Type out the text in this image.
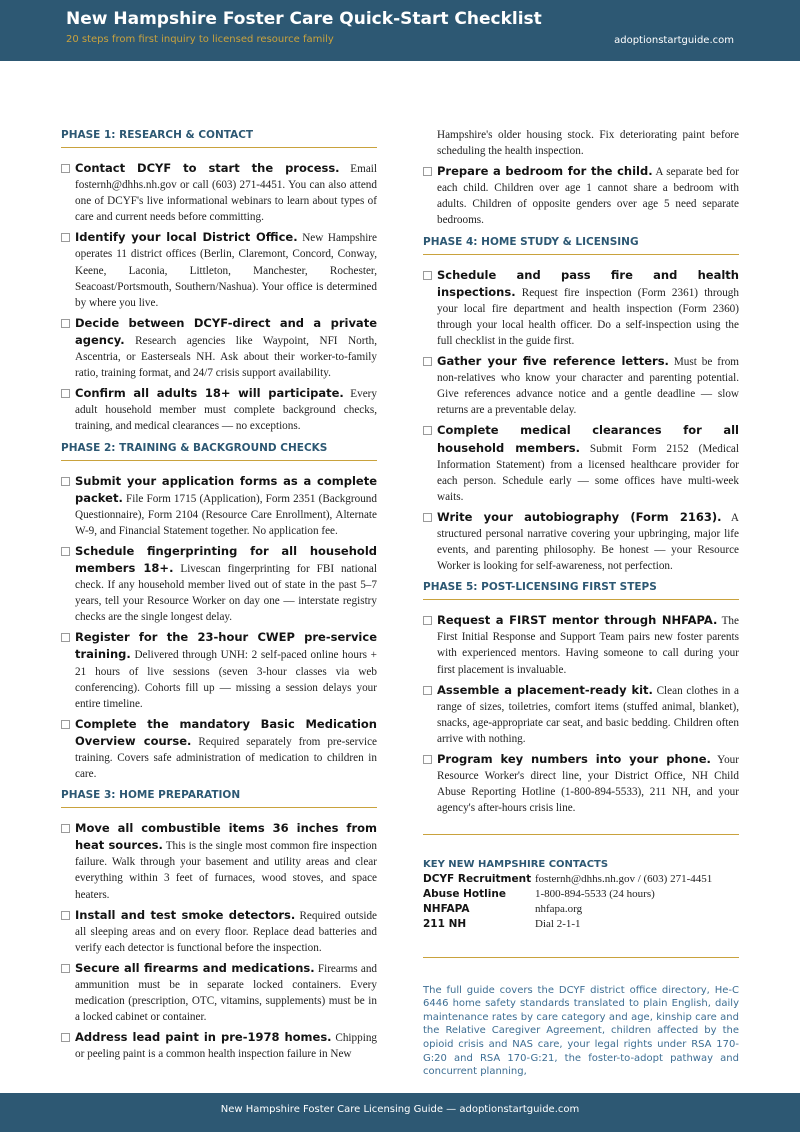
New Hampshire Foster Care Quick-Start Checklist
20 steps from first inquiry to licensed resource family	adoptionstartguide.com
PHASE 1: RESEARCH & CONTACT
Contact DCYF to start the process. Email fosternh@dhhs.nh.gov or call (603) 271-4451. You can also attend one of DCYF's live informational webinars to learn about types of care and current needs before committing.
Identify your local District Office. New Hampshire operates 11 district offices (Berlin, Claremont, Concord, Conway, Keene, Laconia, Littleton, Manchester, Rochester, Seacoast/Portsmouth, Southern/Nashua). Your office is determined by where you live.
Decide between DCYF-direct and a private agency. Research agencies like Waypoint, NFI North, Ascentria, or Easterseals NH. Ask about their worker-to-family ratio, training format, and 24/7 crisis support availability.
Confirm all adults 18+ will participate. Every adult household member must complete background checks, training, and medical clearances — no exceptions.
PHASE 2: TRAINING & BACKGROUND CHECKS
Submit your application forms as a complete packet. File Form 1715 (Application), Form 2351 (Background Questionnaire), Form 2104 (Resource Care Enrollment), Alternate W-9, and Financial Statement together. No application fee.
Schedule fingerprinting for all household members 18+. Livescan fingerprinting for FBI national check. If any household member lived out of state in the past 5–7 years, tell your Resource Worker on day one — interstate registry checks are the single longest delay.
Register for the 23-hour CWEP pre-service training. Delivered through UNH: 2 self-paced online hours + 21 hours of live sessions (seven 3-hour classes via web conferencing). Cohorts fill up — missing a session delays your entire timeline.
Complete the mandatory Basic Medication Overview course. Required separately from pre-service training. Covers safe administration of medication to children in care.
PHASE 3: HOME PREPARATION
Move all combustible items 36 inches from heat sources. This is the single most common fire inspection failure. Walk through your basement and utility areas and clear everything within 3 feet of furnaces, wood stoves, and space heaters.
Install and test smoke detectors. Required outside all sleeping areas and on every floor. Replace dead batteries and verify each detector is functional before the inspection.
Secure all firearms and medications. Firearms and ammunition must be in separate locked containers. Every medication (prescription, OTC, vitamins, supplements) must be in a locked cabinet or container.
Address lead paint in pre-1978 homes. Chipping or peeling paint is a common health inspection failure in New
Hampshire's older housing stock. Fix deteriorating paint before scheduling the health inspection.
Prepare a bedroom for the child. A separate bed for each child. Children over age 1 cannot share a bedroom with adults. Children of opposite genders over age 5 need separate bedrooms.
PHASE 4: HOME STUDY & LICENSING
Schedule and pass fire and health inspections. Request fire inspection (Form 2361) through your local fire department and health inspection (Form 2360) through your local health officer. Do a self-inspection using the full checklist in the guide first.
Gather your five reference letters. Must be from non-relatives who know your character and parenting potential. Give references advance notice and a gentle deadline — slow returns are a preventable delay.
Complete medical clearances for all household members. Submit Form 2152 (Medical Information Statement) from a licensed healthcare provider for each person. Schedule early — some offices have multi-week waits.
Write your autobiography (Form 2163). A structured personal narrative covering your upbringing, major life events, and parenting philosophy. Be honest — your Resource Worker is looking for self-awareness, not perfection.
PHASE 5: POST-LICENSING FIRST STEPS
Request a FIRST mentor through NHFAPA. The First Initial Response and Support Team pairs new foster parents with experienced mentors. Having someone to call during your first placement is invaluable.
Assemble a placement-ready kit. Clean clothes in a range of sizes, toiletries, comfort items (stuffed animal, blanket), snacks, age-appropriate car seat, and basic bedding. Children often arrive with nothing.
Program key numbers into your phone. Your Resource Worker's direct line, your District Office, NH Child Abuse Reporting Hotline (1-800-894-5533), 211 NH, and your agency's after-hours crisis line.
KEY NEW HAMPSHIRE CONTACTS
DCYF Recruitment fosternh@dhhs.nh.gov / (603) 271-4451
Abuse Hotline	1-800-894-5533 (24 hours)
NHFAPA	nhfapa.org
211 NH	Dial 2-1-1
The full guide covers the DCYF district office directory, He-C 6446 home safety standards translated to plain English, daily maintenance rates by care category and age, kinship care and the Relative Caregiver Agreement, children affected by the opioid crisis and NAS care, your legal rights under RSA 170-G:20 and RSA 170-G:21, the foster-to-adopt pathway and concurrent planning,
New Hampshire Foster Care Licensing Guide — adoptionstartguide.com
